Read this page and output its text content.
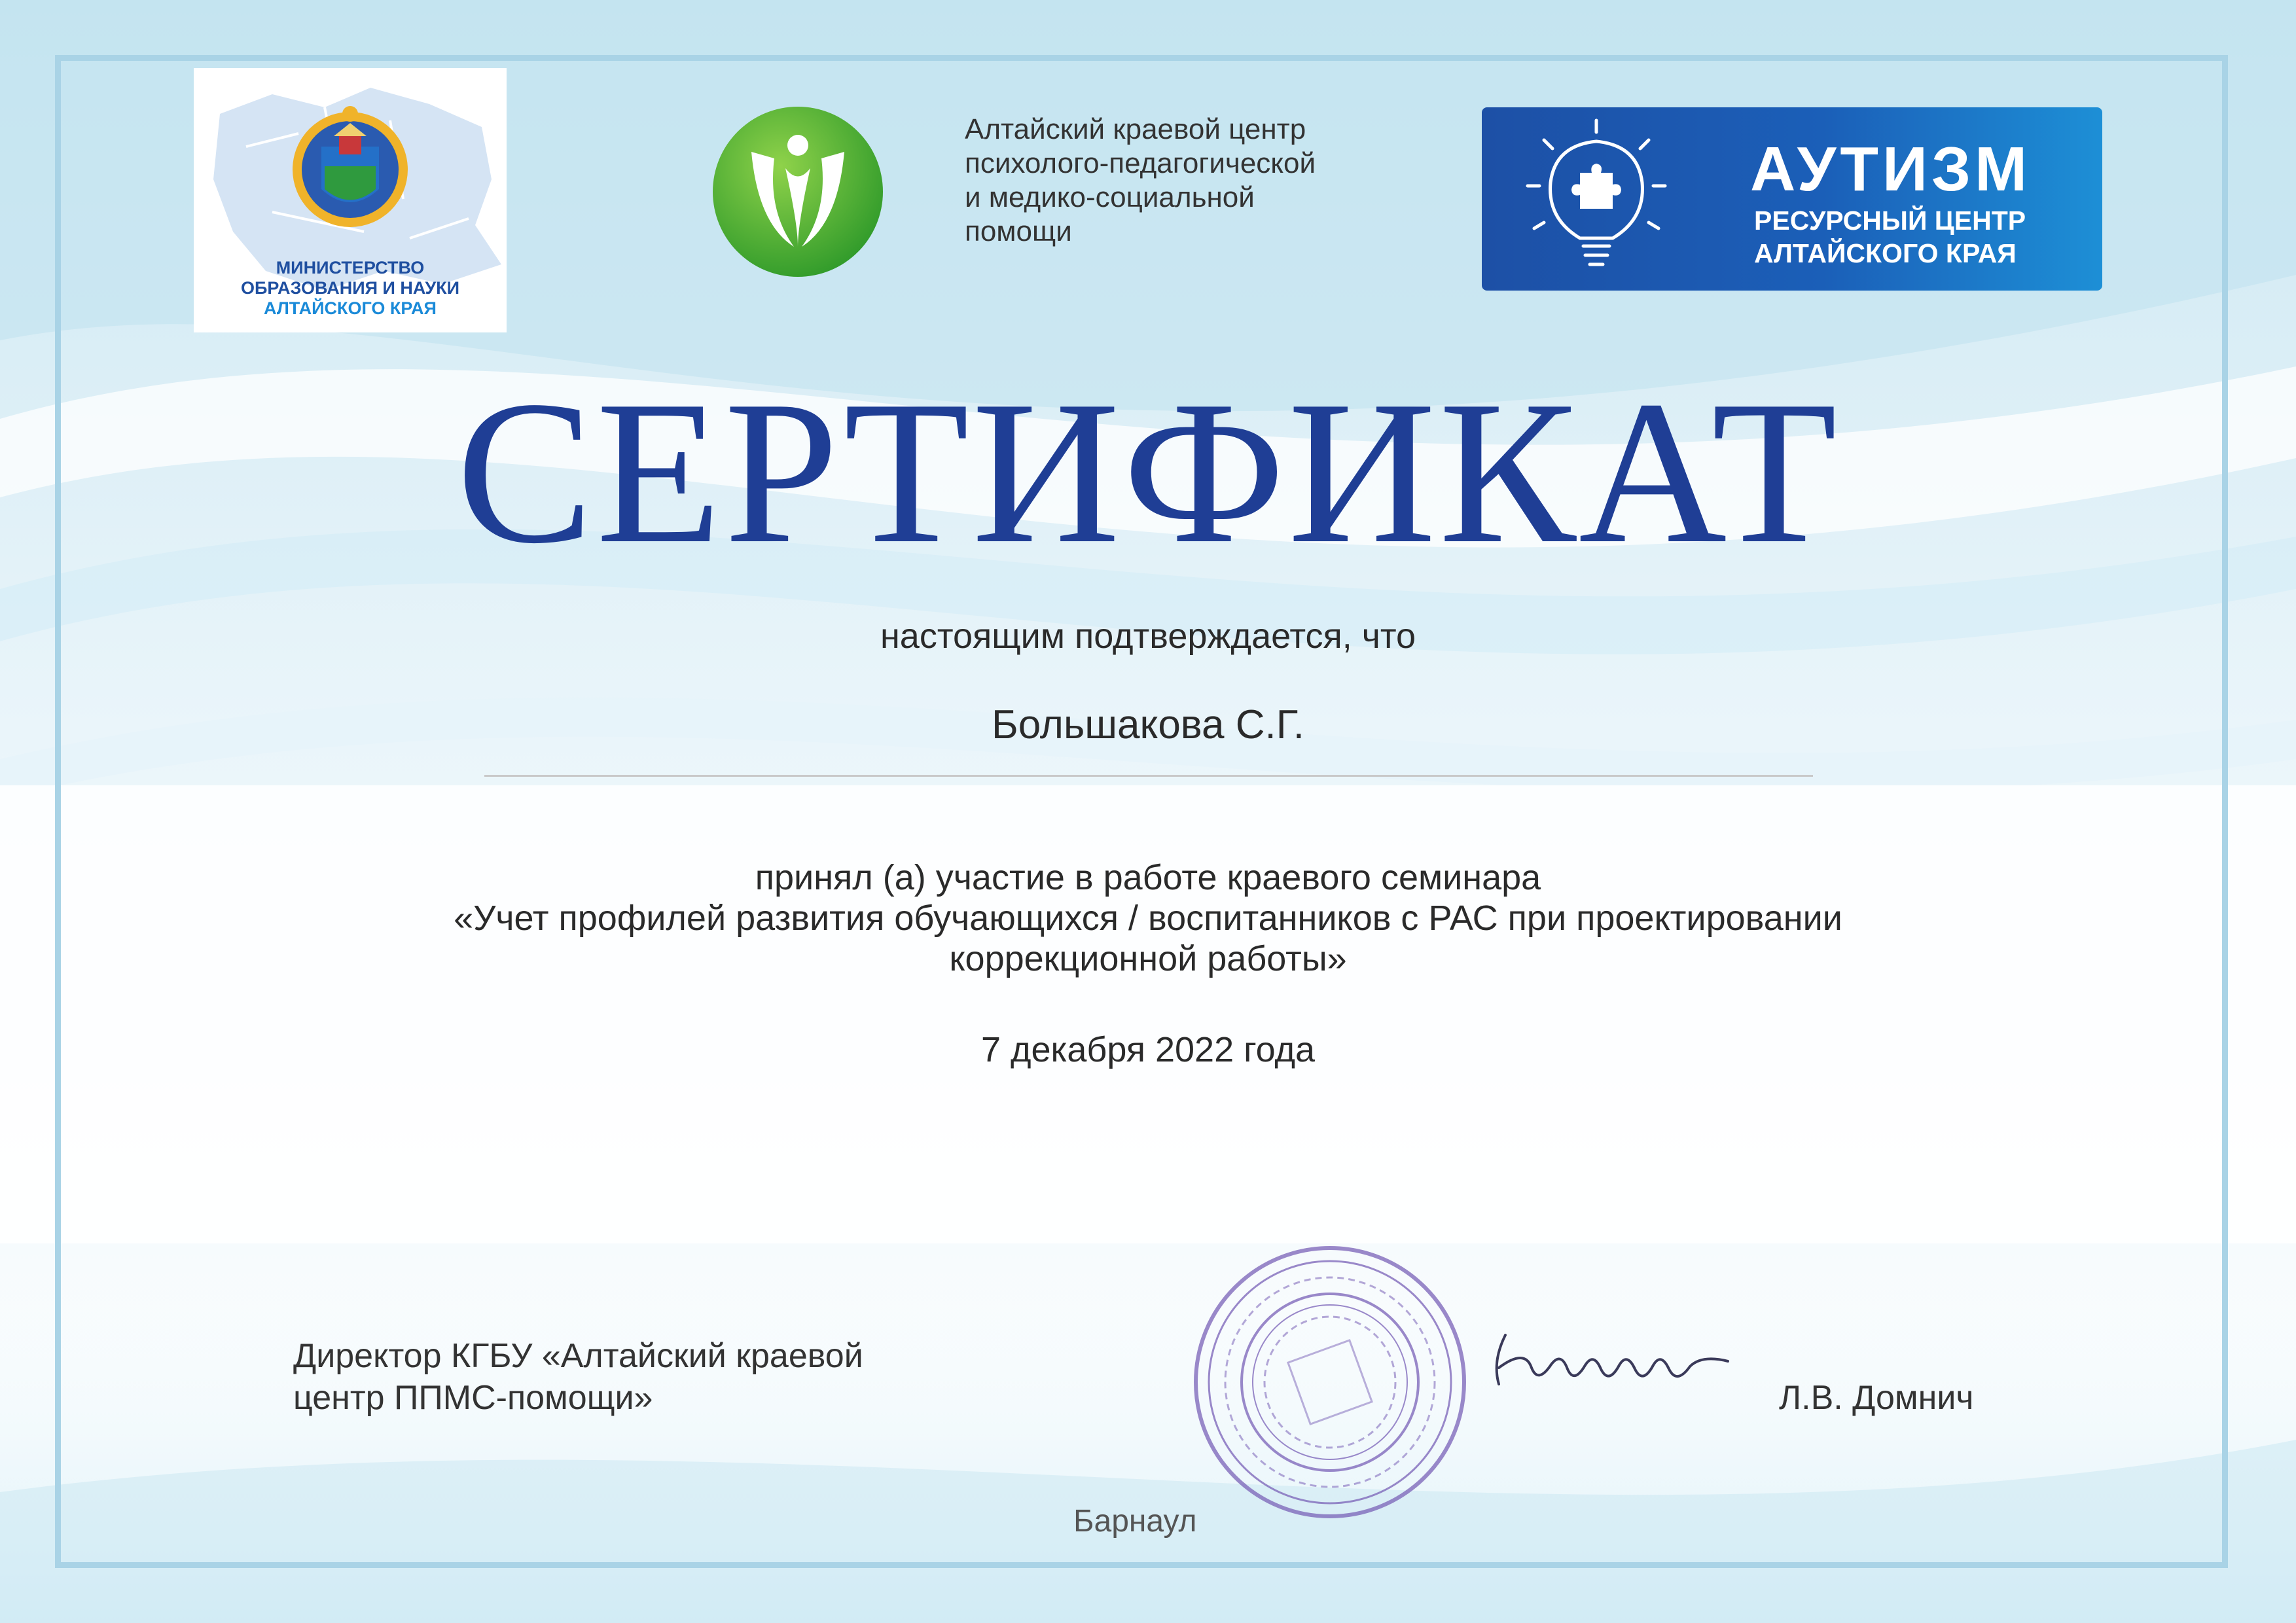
МИНИСТЕРСТВО
ОБРАЗОВАНИЯ И НАУКИ
АЛТАЙСКОГО КРАЯ
Алтайский краевой центр
психолого-педагогической
и медико-социальной
помощи
АУТИЗМ
РЕСУРСНЫЙ ЦЕНТР
АЛТАЙСКОГО КРАЯ
СЕРТИФИКАТ
настоящим подтверждается, что
Большакова С.Г.
принял (а) участие в работе краевого семинара
«Учет профилей развития обучающихся / воспитанников с РАС при проектировании
коррекционной работы»
7 декабря 2022 года
Директор КГБУ «Алтайский краевой
центр ППМС-помощи»	Л.В. Домнич
Барнаул
